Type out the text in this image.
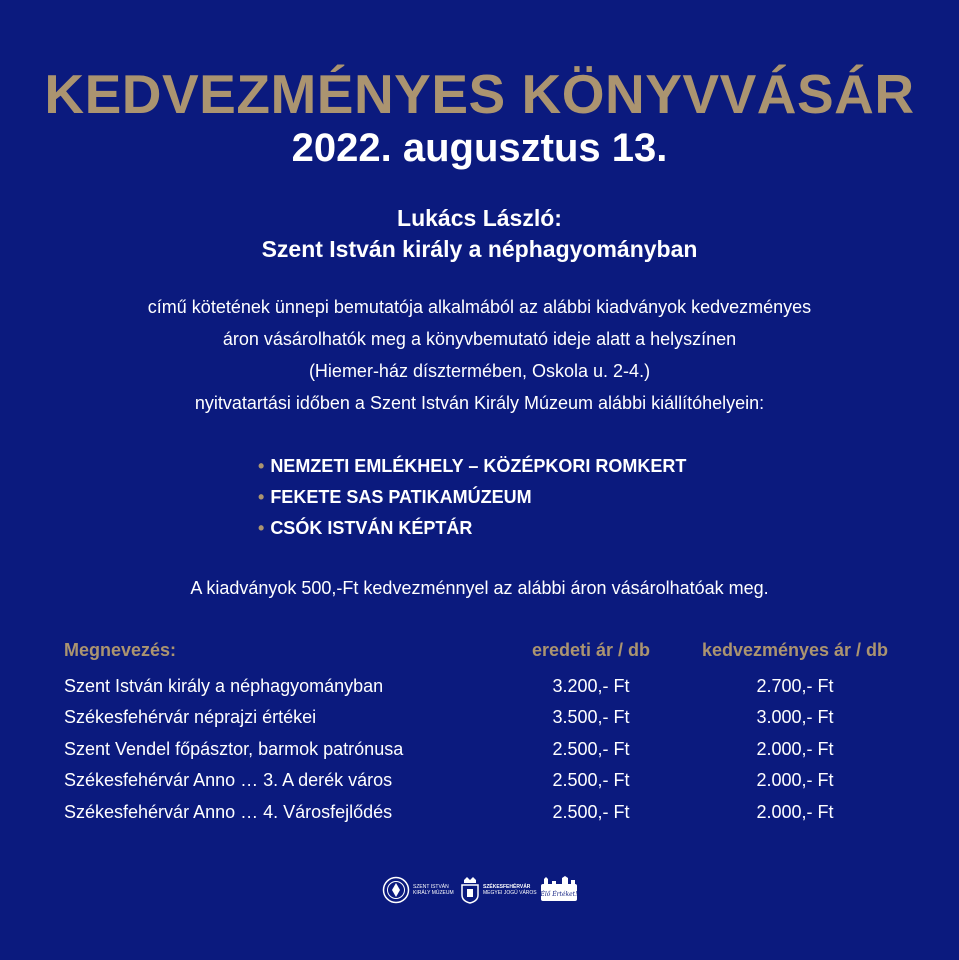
KEDVEZMÉNYES KÖNYVVÁSÁR
2022. augusztus 13.
Lukács László:
Szent István király a néphagyományban
című kötetének ünnepi bemutatója alkalmából az alábbi kiadványok kedvezményes
áron vásárolhatók meg a könyvbemutató ideje alatt a helyszínen
(Hiemer-ház dísztermében, Oskola u. 2-4.)
nyitvatartási időben a Szent István Király Múzeum alábbi kiállítóhelyein:
• NEMZETI EMLÉKHELY – KÖZÉPKORI ROMKERT
• FEKETE SAS PATIKAMÚZEUM
• CSÓK ISTVÁN KÉPTÁR
A kiadványok 500,-Ft kedvezménnyel az alábbi áron vásárolhatóak meg.
Megnevezés:	eredeti ár / db	kedvezményes ár / db
Szent István király a néphagyományban	3.200,- Ft	2.700,- Ft
Székesfehérvár néprajzi értékei	3.500,- Ft	3.000,- Ft
Szent Vendel főpásztor, barmok patrónusa	2.500,- Ft	2.000,- Ft
Székesfehérvár Anno … 3. A derék város	2.500,- Ft	2.000,- Ft
Székesfehérvár Anno … 4. Városfejlődés	2.500,- Ft	2.000,- Ft
SZENT ISTVÁN
KIRÁLY MÚZEUM
SZÉKESFEHÉRVÁR
MEGYEI JOGÚ VÁROS Élő Értéket!
